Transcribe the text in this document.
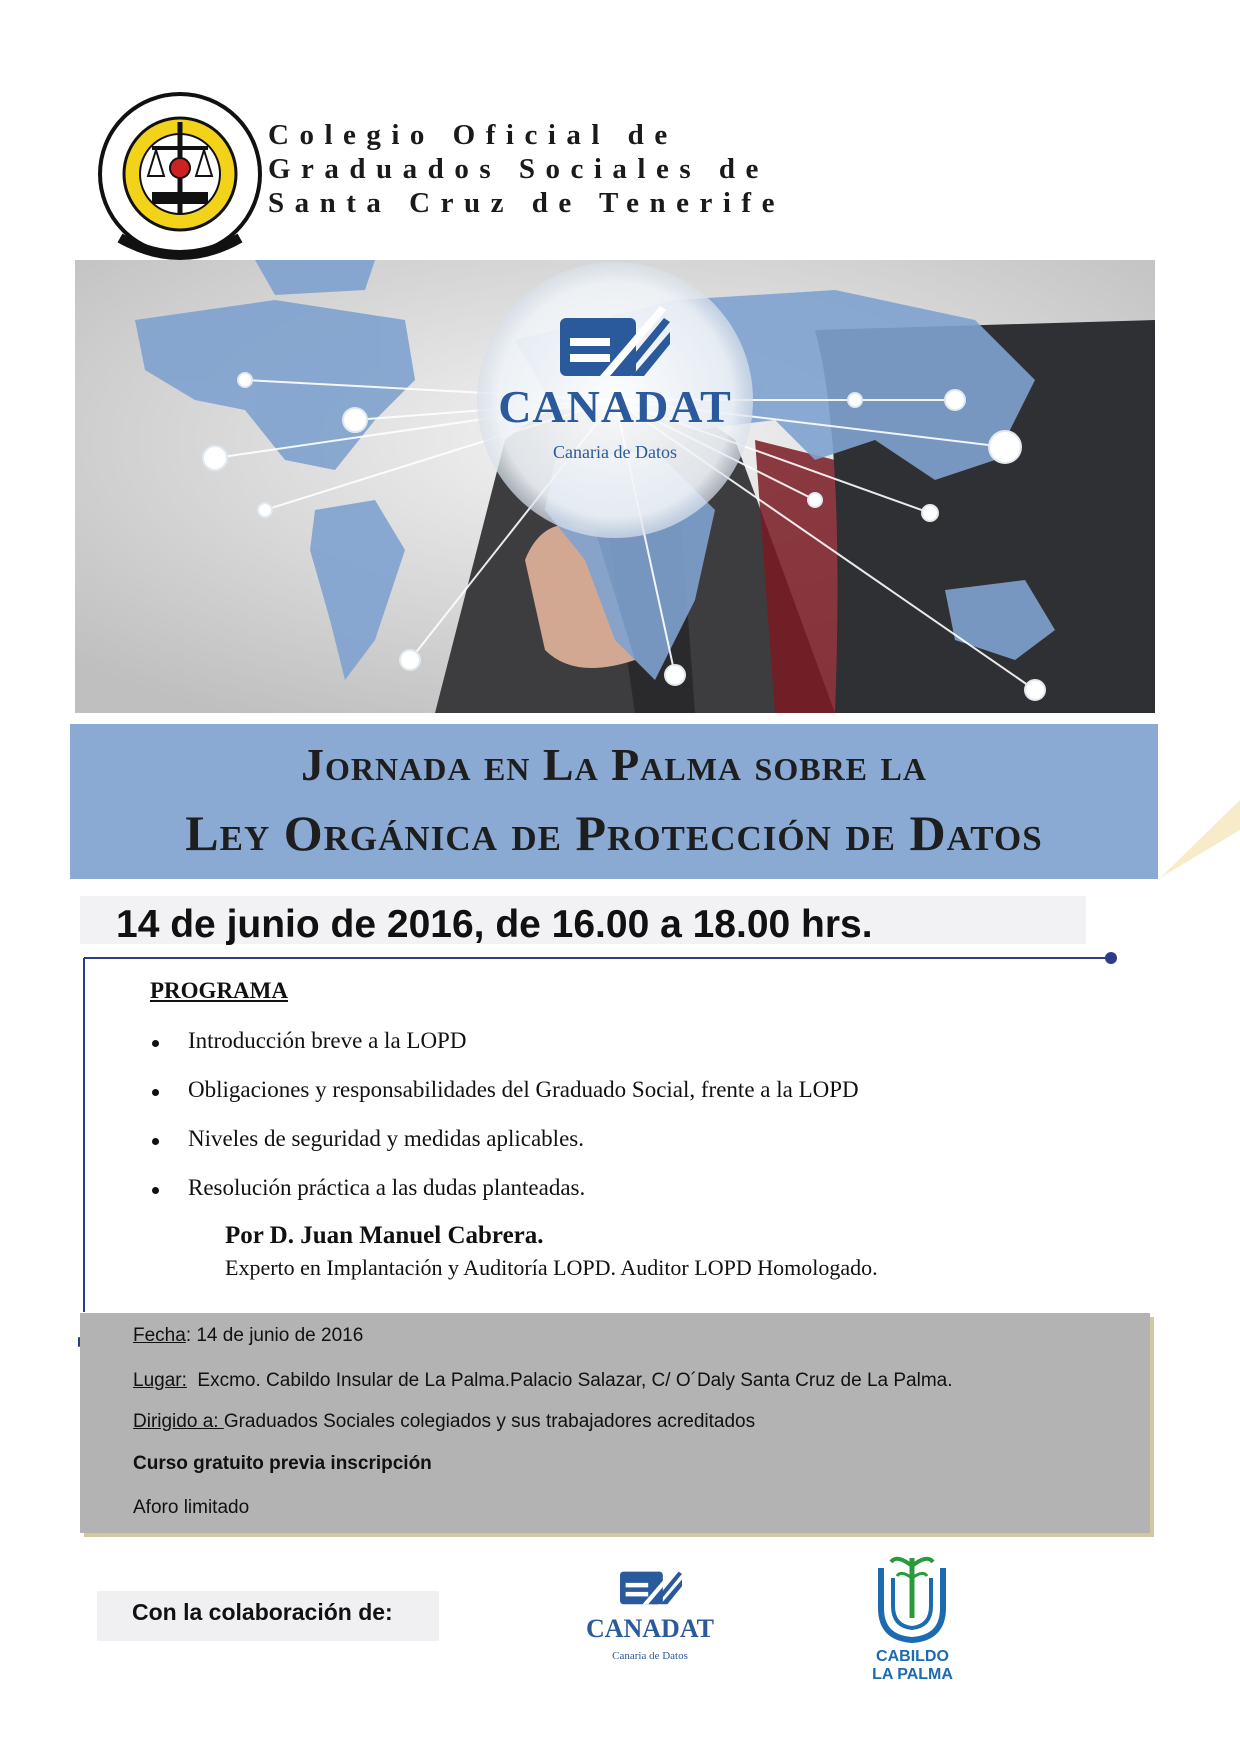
Colegio Oficial de
Graduados Sociales de
Santa Cruz de Tenerife
CANADAT
Canaria de Datos
Jornada en La Palma sobre la
Ley Orgánica de Protección de Datos
14 de junio de 2016, de 16.00 a 18.00 hrs.
PROGRAMA
Introducción breve a la LOPD
Obligaciones y responsabilidades del Graduado Social, frente a la LOPD
Niveles de seguridad y medidas aplicables.
Resolución práctica a las dudas planteadas.
Por D. Juan Manuel Cabrera.
Experto en Implantación y Auditoría LOPD. Auditor LOPD Homologado.
Fecha: 14 de junio de 2016
Lugar:  Excmo. Cabildo Insular de La Palma.Palacio Salazar, C/ O´Daly Santa Cruz de La Palma.
Dirigido a: Graduados Sociales colegiados y sus trabajadores acreditados
Curso gratuito previa inscripción
Aforo limitado
Con la colaboración de:
CANADAT
Canaria de Datos	CABILDO
LA PALMA
